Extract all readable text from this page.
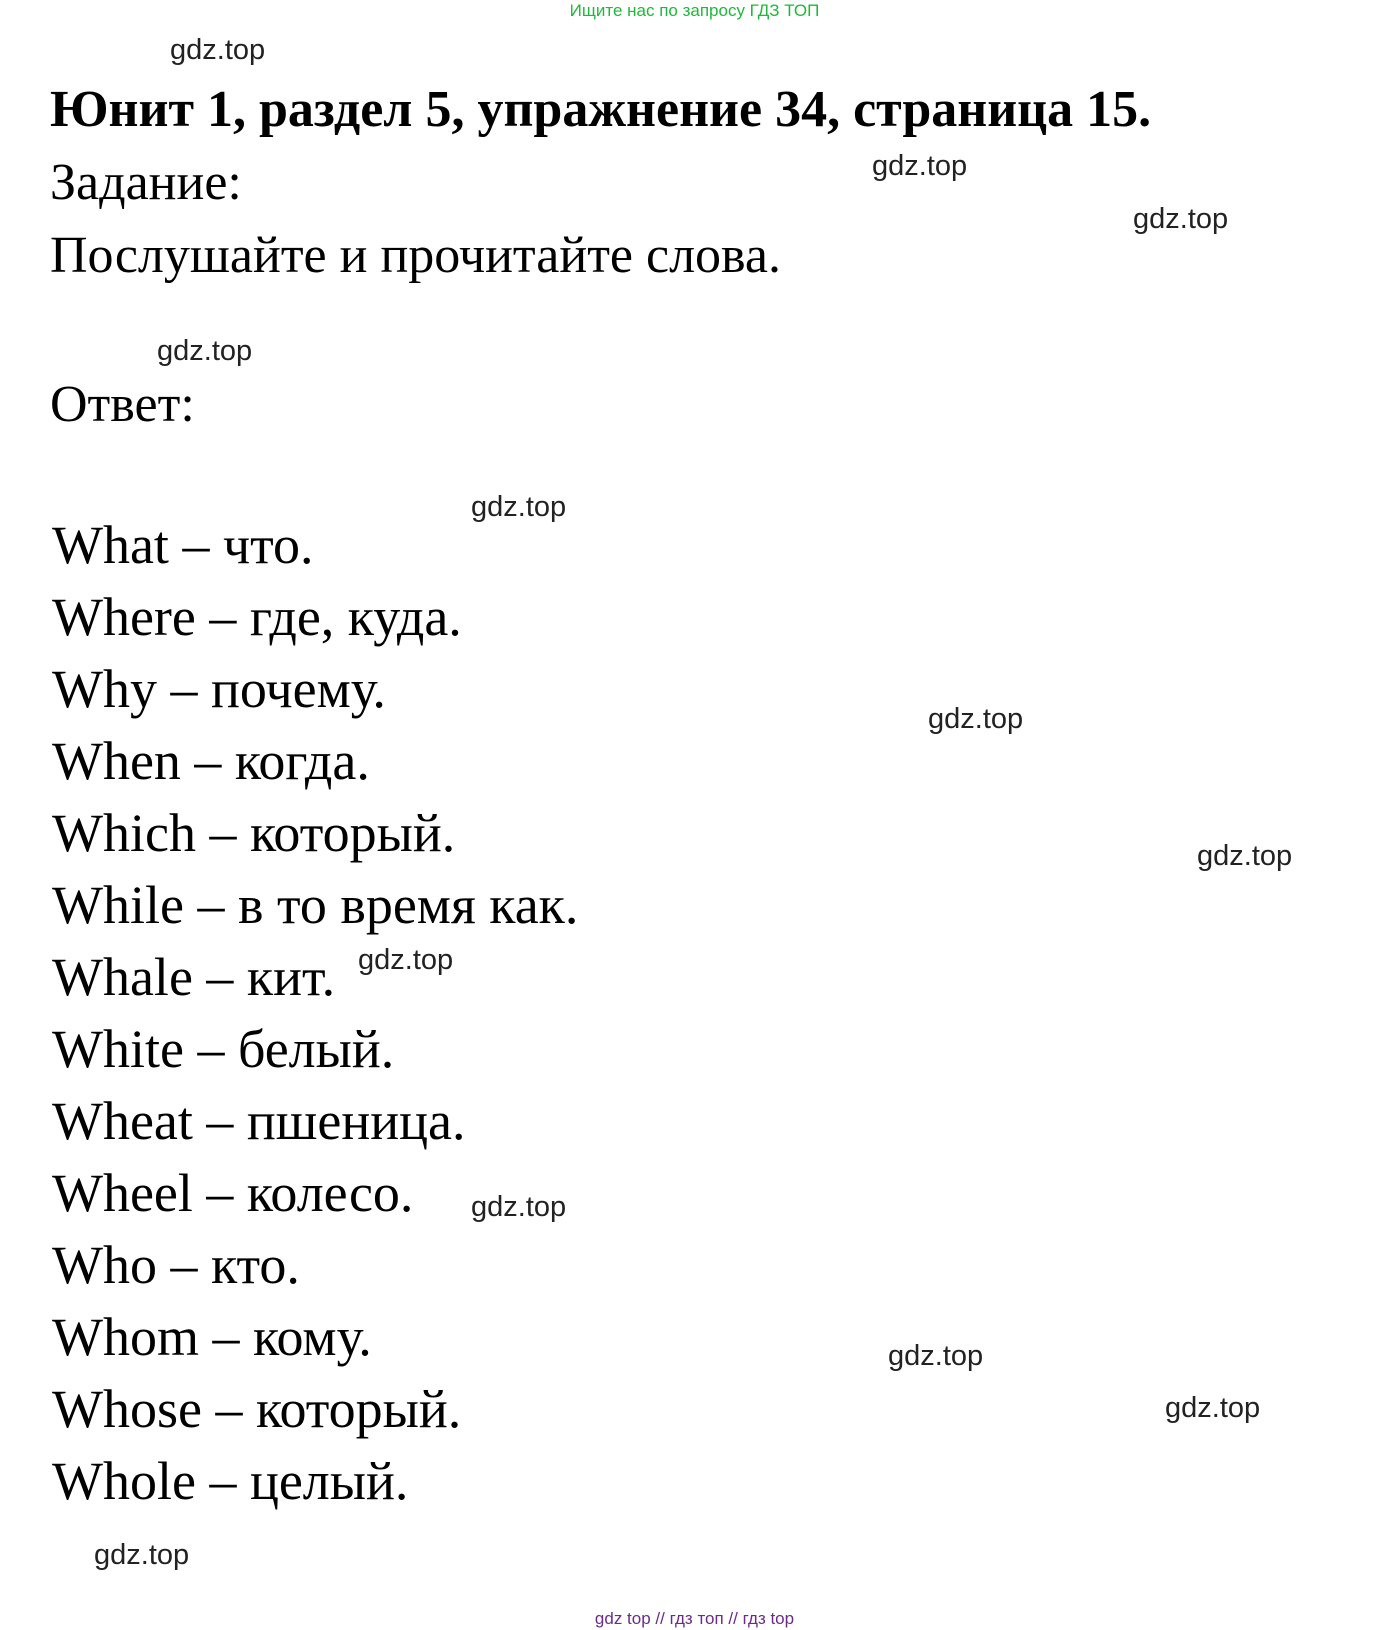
Ищите нас по запросу ГДЗ ТОП
gdz.top
gdz.top
gdz.top
gdz.top
gdz.top
gdz.top
gdz.top
gdz.top
gdz.top
gdz.top
gdz.top
gdz.top
Юнит 1, раздел 5, упражнение 34, страница 15.
Задание:
Послушайте и прочитайте слова.
Ответ:
What – что.
Where – где, куда.
Why – почему.
When – когда.
Which – который.
While – в то время как.
Whale – кит.
White – белый.
Wheat – пшеница.
Wheel – колесо.
Who – кто.
Whom – кому.
Whose – который.
Whole – целый.
gdz top // гдз топ // гдз top
